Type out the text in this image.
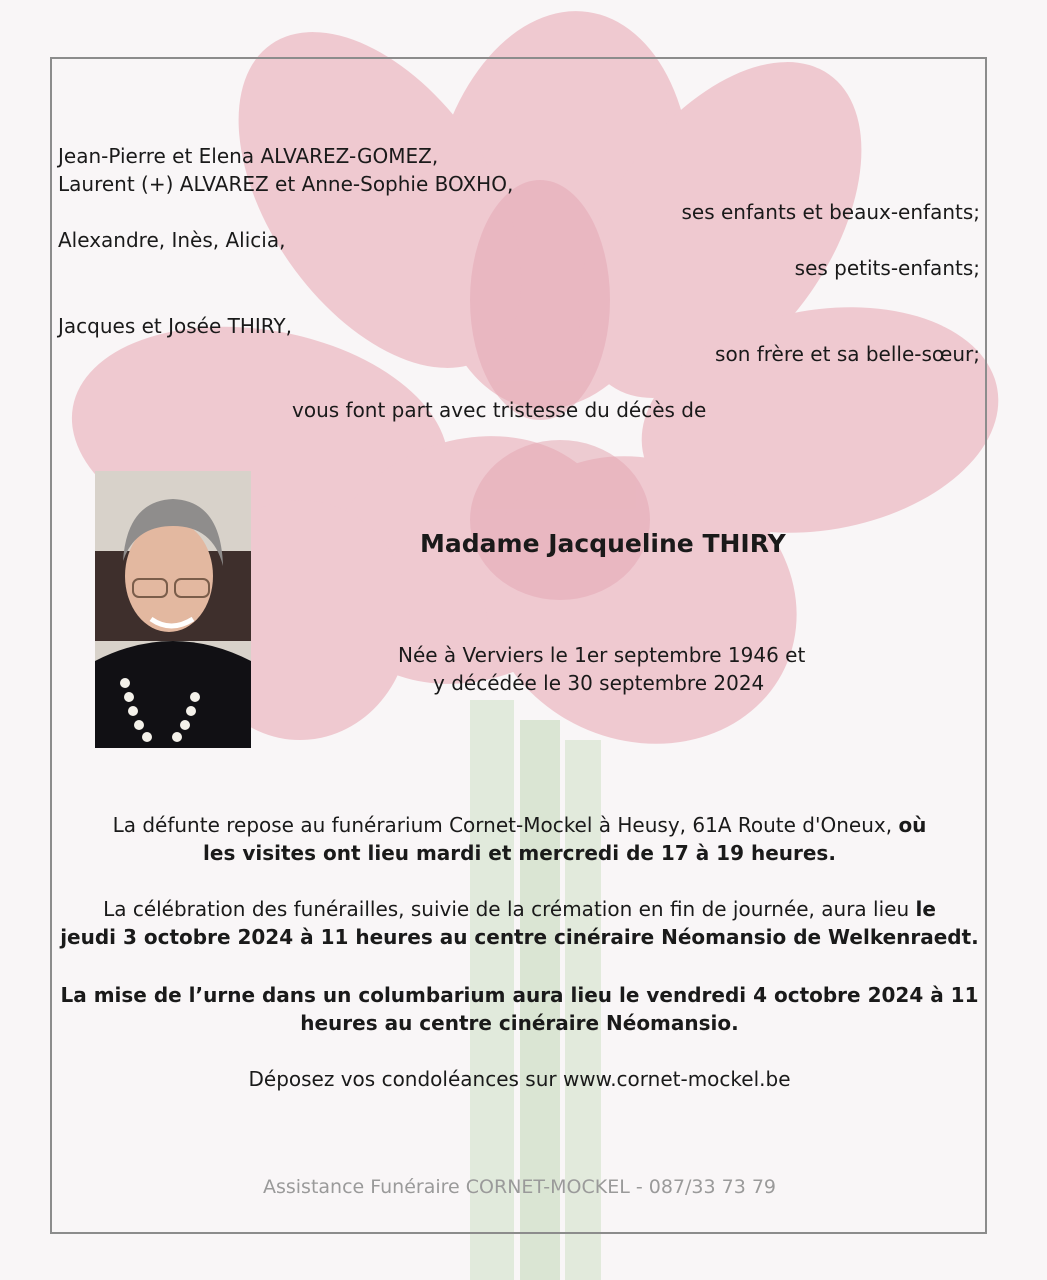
Jean-Pierre et Elena ALVAREZ-GOMEZ,
Laurent (+) ALVAREZ et Anne-Sophie BOXHO,
ses enfants et beaux-enfants;
Alexandre, Inès, Alicia,
ses petits-enfants;
Jacques et Josée THIRY,
son frère et sa belle-sœur;
vous font part avec tristesse du décès de
Madame Jacqueline THIRY
Née à Verviers le 1er septembre 1946 et
y décédée le 30 septembre 2024
La défunte repose au funérarium Cornet-Mockel à Heusy, 61A Route d'Oneux, où
les visites ont lieu mardi et mercredi de 17 à 19 heures.
La célébration des funérailles, suivie de la crémation en fin de journée, aura lieu le
jeudi 3 octobre 2024 à 11 heures au centre cinéraire Néomansio de Welkenraedt.
La mise de l’urne dans un columbarium aura lieu le vendredi 4 octobre 2024 à 11
heures au centre cinéraire Néomansio.
Déposez vos condoléances sur www.cornet-mockel.be
Assistance Funéraire CORNET-MOCKEL - 087/33 73 79
